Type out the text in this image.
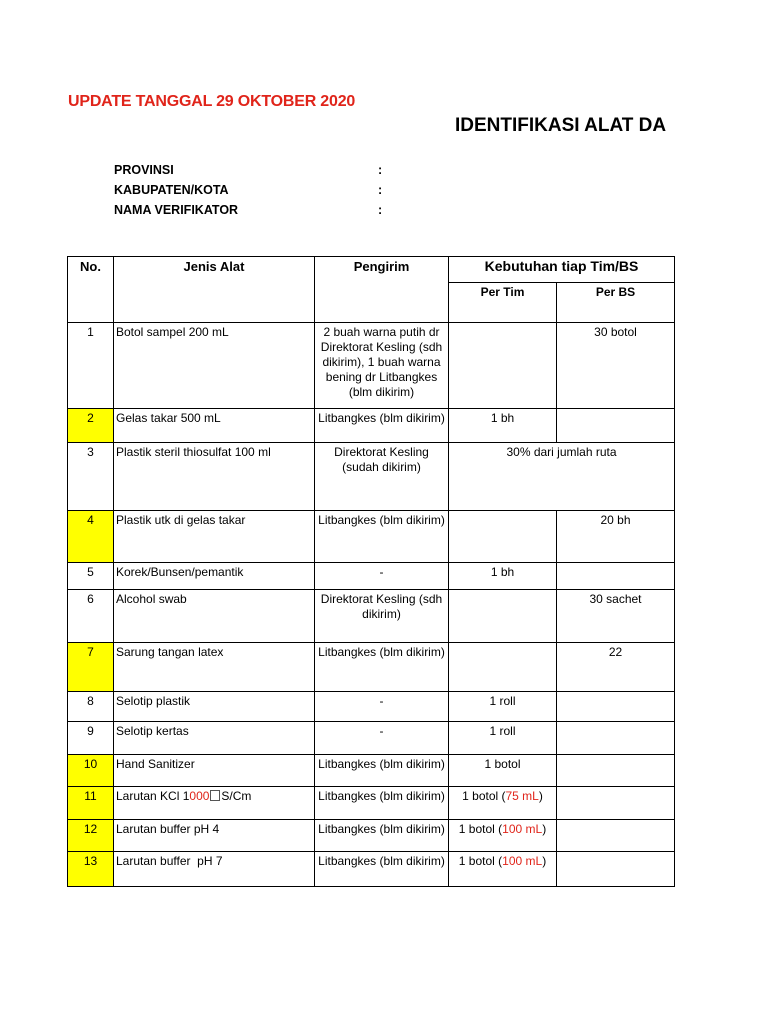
UPDATE TANGGAL 29 OKTOBER 2020
IDENTIFIKASI ALAT DA
PROVINSI	:
KABUPATEN/KOTA	:
NAMA VERIFIKATOR	:
No.	Jenis Alat	Pengirim	Kebutuhan tiap Tim/BS	
			Per Tim	Per BS
1	Botol sampel 200 mL	2 buah warna putih dr Direktorat Kesling (sdh dikirim), 1 buah warna bening dr Litbangkes (blm dikirim)		30 botol
2	Gelas takar 500 mL	Litbangkes (blm dikirim)	1 bh	
3	Plastik steril thiosulfat 100 ml	Direktorat Kesling (sudah dikirim)	30% dari jumlah ruta	
4	Plastik utk di gelas takar	Litbangkes (blm dikirim)		20 bh
5	Korek/Bunsen/pemantik	-	1 bh	
6	Alcohol swab	Direktorat Kesling (sdh dikirim)		30 sachet
7	Sarung tangan latex	Litbangkes (blm dikirim)		22
8	Selotip plastik	-	1 roll	
9	Selotip kertas	-	1 roll	
10	Hand Sanitizer	Litbangkes (blm dikirim)	1 botol	
11	Larutan KCl 1000 S/Cm	Litbangkes (blm dikirim)	1 botol (75 mL)	
12	Larutan buffer pH 4	Litbangkes (blm dikirim)	1 botol (100 mL)	
13	Larutan buffer  pH 7	Litbangkes (blm dikirim)	1 botol (100 mL)	
